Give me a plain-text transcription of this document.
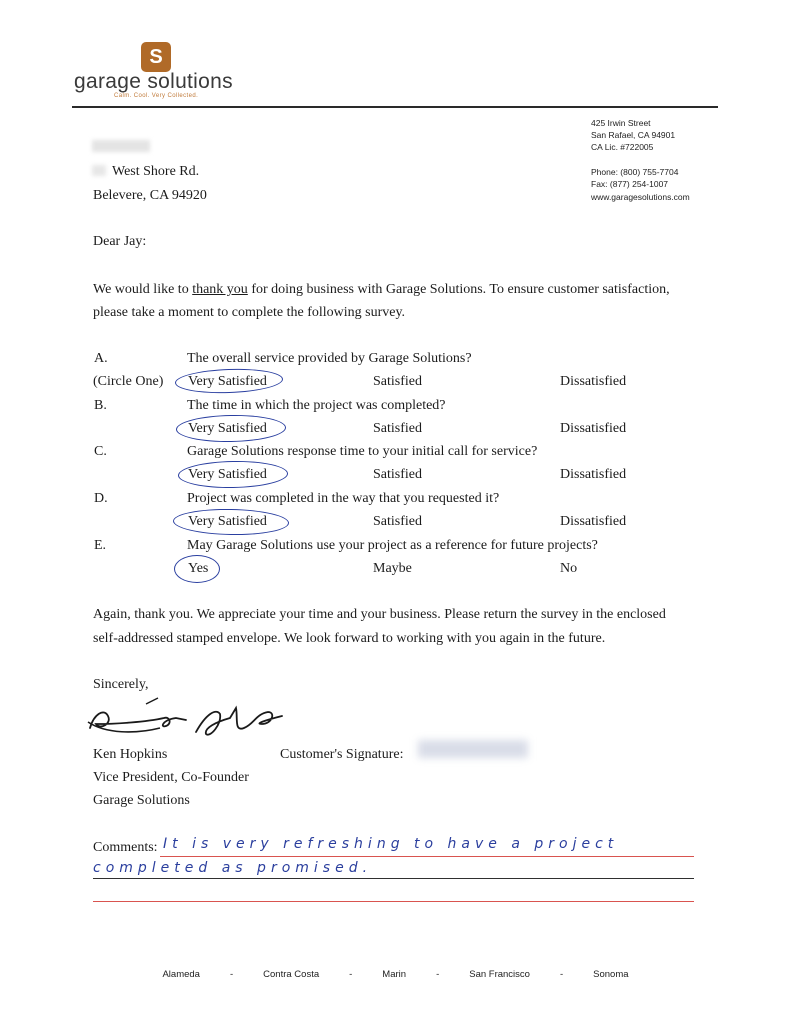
S
garage solutions
Calm. Cool. Very Collected.
425 Irwin Street
San Rafael, CA 94901
CA Lic. #722005
Phone: (800) 755-7704
Fax: (877) 254-1007
www.garagesolutions.com
West Shore Rd.
Belevere, CA 94920
Dear Jay:
We would like to thank you for doing business with Garage Solutions. To ensure customer satisfaction,
please take a moment to complete the following survey.
A.	The overall service provided by Garage Solutions?
(Circle One) Very Satisfied	Satisfied	Dissatisfied
B.	The time in which the project was completed?
Very Satisfied	Satisfied	Dissatisfied
C.	Garage Solutions response time to your initial call for service?
Very Satisfied	Satisfied	Dissatisfied
D.	Project was completed in the way that you requested it?
Very Satisfied	Satisfied	Dissatisfied
E.	May Garage Solutions use your project as a reference for future projects?
Yes	Maybe	No
Again, thank you. We appreciate your time and your business. Please return the survey in the enclosed
self-addressed stamped envelope. We look forward to working with you again in the future.
Sincerely,
Ken Hopkins
Vice President, Co-Founder
Garage Solutions
Customer's Signature:
Comments: It is very refreshing to have a project
completed as promised.
Alameda	-	Contra Costa	-	Marin	-	San Francisco	-	Sonoma
